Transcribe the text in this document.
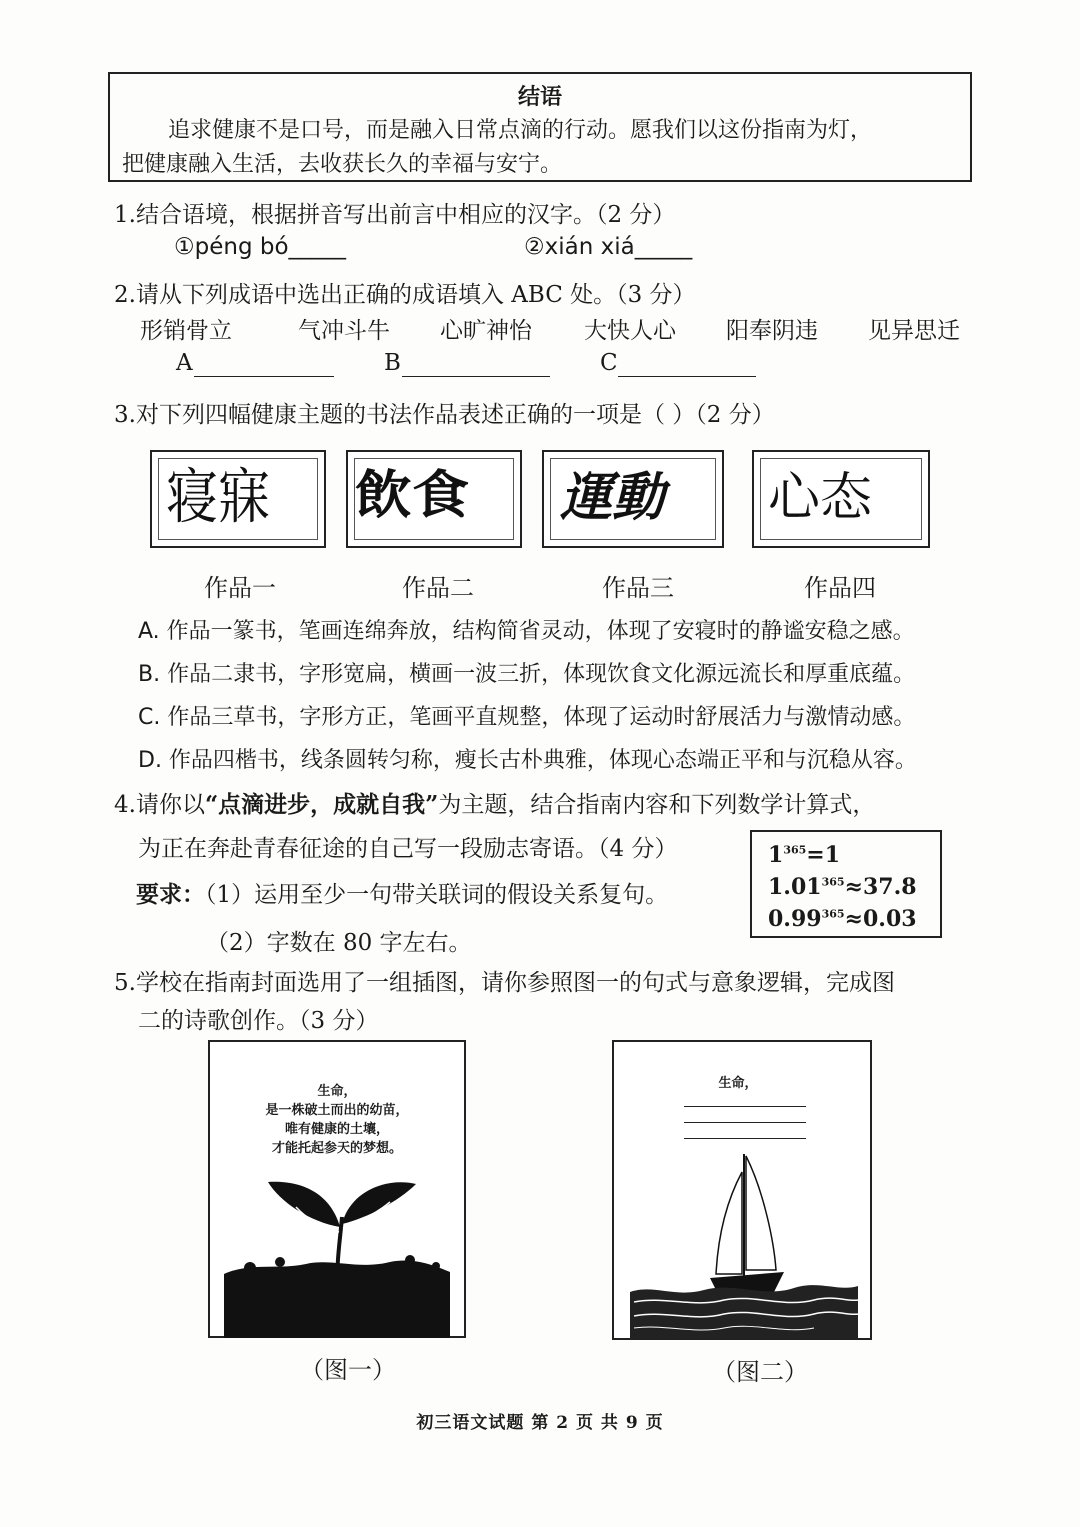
结语
追求健康不是口号，而是融入日常点滴的行动。愿我们以这份指南为灯，
把健康融入生活，去收获长久的幸福与安宁。
1.结合语境，根据拼音写出前言中相应的汉字。（2 分）
①péng bó_____	②xián xiá_____
2.请从下列成语中选出正确的成语填入 ABC 处。（3 分）
形销骨立	气冲斗牛 心旷神怡 大快人心 阳奉阴违 见异思迁
A	B	C
3.对下列四幅健康主题的书法作品表述正确的一项是（ ）（2 分）
寝寐 飲食 運動 心态
作品一	作品二	作品三	作品四
A. 作品一篆书，笔画连绵奔放，结构简省灵动，体现了安寝时的静谧安稳之感。
B. 作品二隶书，字形宽扁，横画一波三折，体现饮食文化源远流长和厚重底蕴。
C. 作品三草书，字形方正，笔画平直规整，体现了运动时舒展活力与激情动感。
D. 作品四楷书，线条圆转匀称，瘦长古朴典雅，体现心态端正平和与沉稳从容。
4.请你以“点滴进步，成就自我”为主题，结合指南内容和下列数学计算式，
为正在奔赴青春征途的自己写一段励志寄语。（4 分）
要求：（1）运用至少一句带关联词的假设关系复句。
（2）字数在 80 字左右。
$1^{365}=1$
$1.01^{365}\approx 37.8$
$0.99^{365}\approx 0.03$
5.学校在指南封面选用了一组插图，请你参照图一的句式与意象逻辑，完成图
二的诗歌创作。（3 分）
生命，
是一株破土而出的幼苗，
唯有健康的土壤，
才能托起参天的梦想。
（图一）
生命，
（图二）
初三语文试题 第 2 页 共 9 页
